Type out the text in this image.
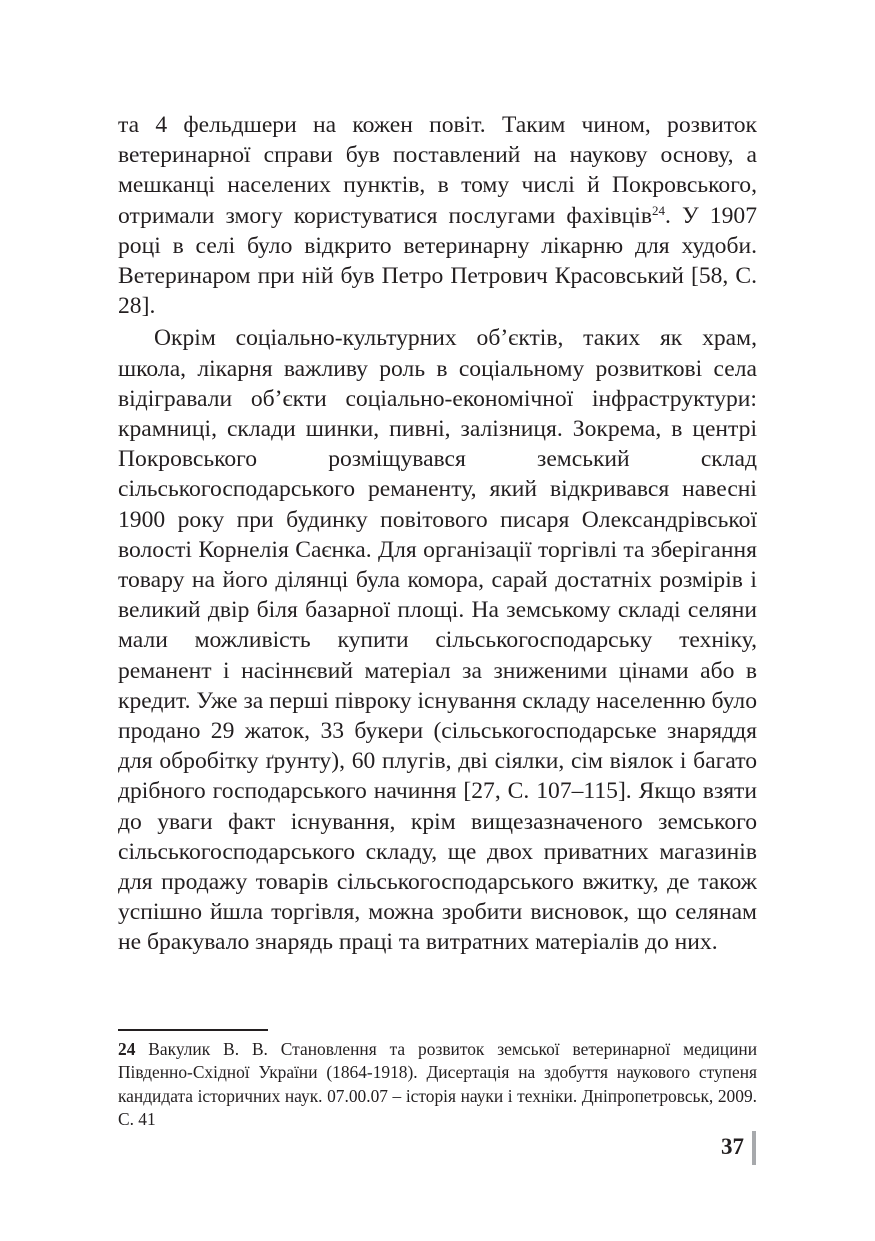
та 4 фельдшери на кожен повіт. Таким чином, розвиток ветеринарної справи був поставлений на наукову основу, а мешканці населених пунктів, в тому числі й Покровського, отримали змогу користуватися послугами фахівців$^{24}$. У 1907 році в селі було відкрито ветеринарну лікарню для худоби. Ветеринаром при ній був Петро Петрович Красовський [58, С. 28].

Окрім соціально-культурних об’єктів, таких як храм, школа, лікарня важливу роль в соціальному розвиткові села відігравали об’єкти соціально-економічної інфраструктури: крамниці, склади шинки, пивні, залізниця. Зокрема, в центрі Покровського розміщувався земський склад сільськогосподарського реманенту, який відкривався навесні 1900 року при будинку повітового писаря Олександрівської волості Корнелія Саєнка. Для організації торгівлі та зберігання товару на його ділянці була комора, сарай достатніх розмірів і великий двір біля базарної площі. На земському складі селяни мали можливість купити сільськогосподарську техніку, реманент і насіннєвий матеріал за зниженими цінами або в кредит. Уже за перші півроку існування складу населенню було продано 29 жаток, 33 букери (сільськогосподарське знаряддя для обробітку ґрунту), 60 плугів, дві сіялки, сім віялок і багато дрібного господарського начиння [27, С. 107–115]. Якщо взяти до уваги факт існування, крім вищезазначеного земського сільськогосподарського складу, ще двох приватних магазинів для продажу товарів сільськогосподарського вжитку, де також успішно йшла торгівля, можна зробити висновок, що селянам не бракувало знарядь праці та витратних матеріалів до них.

24 Вакулик В. В. Становлення та розвиток земської ветеринарної медицини Південно-Східної України (1864-1918). Дисертація на здобуття наукового ступеня кандидата історичних наук. 07.00.07 – історія науки і техніки. Дніпропетровськ, 2009. С. 41

37
